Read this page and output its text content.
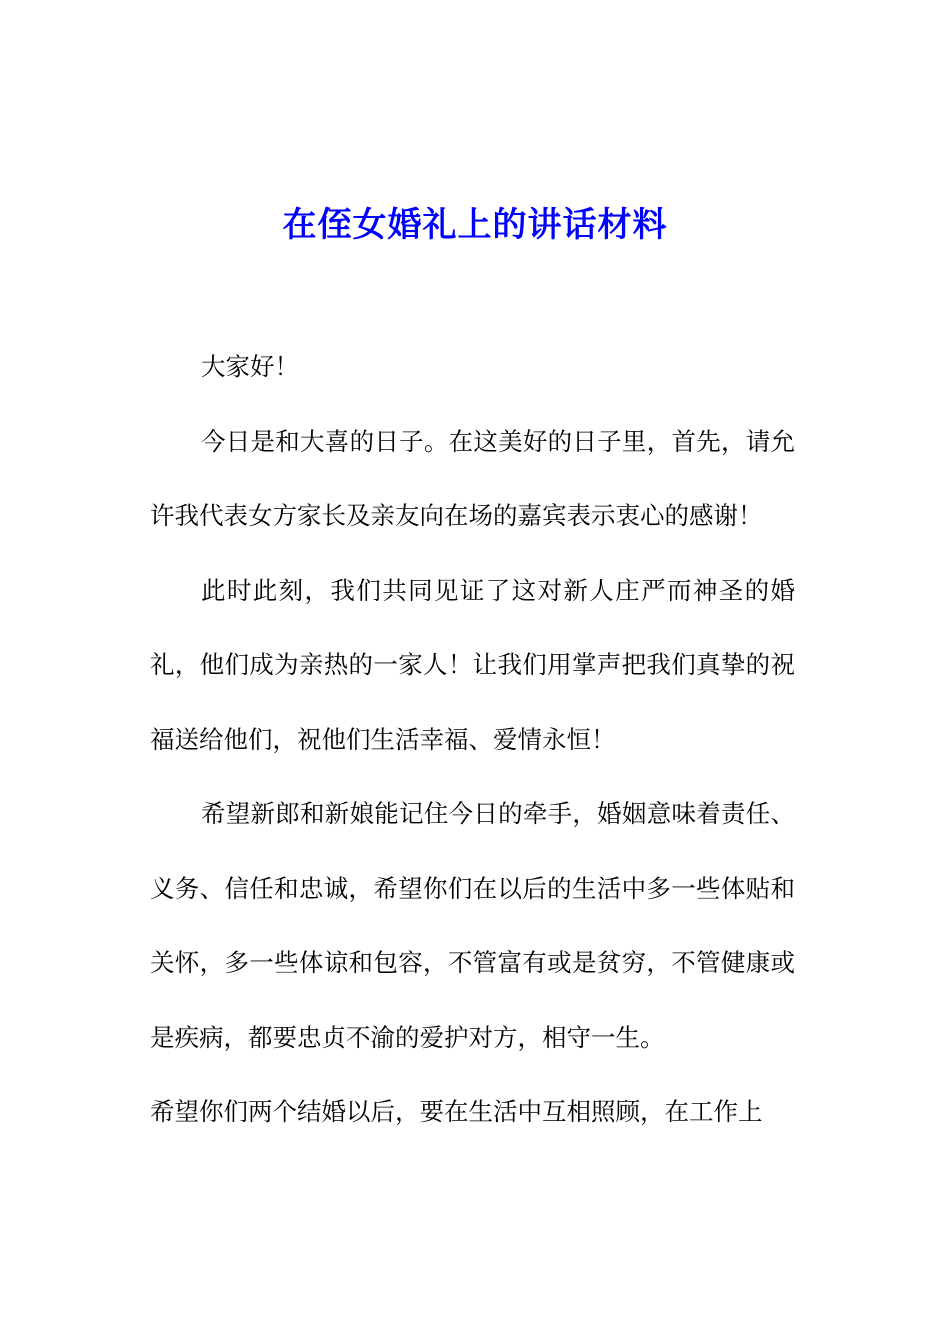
在侄女婚礼上的讲话材料

大家好！

今日是和大喜的日子。在这美好的日子里，首先，请允许我代表女方家长及亲友向在场的嘉宾表示衷心的感谢！

此时此刻，我们共同见证了这对新人庄严而神圣的婚礼，他们成为亲热的一家人！让我们用掌声把我们真挚的祝福送给他们，祝他们生活幸福、爱情永恒！

希望新郎和新娘能记住今日的牵手，婚姻意味着责任、义务、信任和忠诚，希望你们在以后的生活中多一些体贴和关怀，多一些体谅和包容，不管富有或是贫穷，不管健康或是疾病，都要忠贞不渝的爱护对方，相守一生。

希望你们两个结婚以后，要在生活中互相照顾，在工作上
